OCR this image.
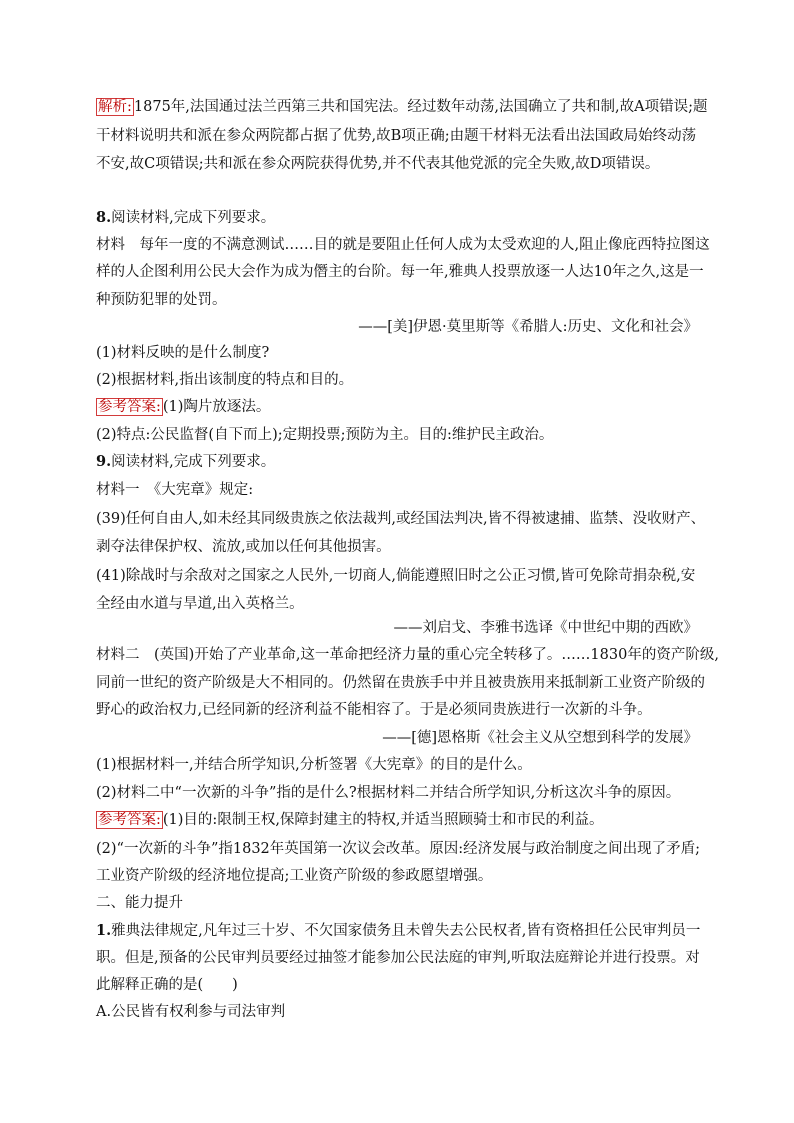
解析: 1875年,法国通过法兰西第三共和国宪法。经过数年动荡,法国确立了共和制,故A项错误;题
干材料说明共和派在参众两院都占据了优势,故B项正确;由题干材料无法看出法国政局始终动荡
不安,故C项错误;共和派在参众两院获得优势,并不代表其他党派的完全失败,故D项错误。
8.阅读材料,完成下列要求。
材料　每年一度的不满意测试……目的就是要阻止任何人成为太受欢迎的人,阻止像庇西特拉图这
样的人企图利用公民大会作为成为僭主的台阶。每一年,雅典人投票放逐一人达10年之久,这是一
种预防犯罪的处罚。
——[美]伊恩·莫里斯等《希腊人:历史、文化和社会》
(1)材料反映的是什么制度?
(2)根据材料,指出该制度的特点和目的。
参考答案: (1)陶片放逐法。
(2)特点:公民监督(自下而上);定期投票;预防为主。目的:维护民主政治。
9.阅读材料,完成下列要求。
材料一　《大宪章》规定:
(39)任何自由人,如未经其同级贵族之依法裁判,或经国法判决,皆不得被逮捕、监禁、没收财产、
剥夺法律保护权、流放,或加以任何其他损害。
(41)除战时与余敌对之国家之人民外,一切商人,倘能遵照旧时之公正习惯,皆可免除苛捐杂税,安
全经由水道与旱道,出入英格兰。
——刘启戈、李雅书选译《中世纪中期的西欧》
材料二　(英国)开始了产业革命,这一革命把经济力量的重心完全转移了。……1830年的资产阶级,
同前一世纪的资产阶级是大不相同的。仍然留在贵族手中并且被贵族用来抵制新工业资产阶级的
野心的政治权力,已经同新的经济利益不能相容了。于是必须同贵族进行一次新的斗争。
——[德]恩格斯《社会主义从空想到科学的发展》
(1)根据材料一,并结合所学知识,分析签署《大宪章》的目的是什么。
(2)材料二中“一次新的斗争”指的是什么?根据材料二并结合所学知识,分析这次斗争的原因。
参考答案: (1)目的:限制王权,保障封建主的特权,并适当照顾骑士和市民的利益。
(2)“一次新的斗争”指1832年英国第一次议会改革。原因:经济发展与政治制度之间出现了矛盾;
工业资产阶级的经济地位提高;工业资产阶级的参政愿望增强。
二、能力提升
1.雅典法律规定,凡年过三十岁、不欠国家债务且未曾失去公民权者,皆有资格担任公民审判员一
职。但是,预备的公民审判员要经过抽签才能参加公民法庭的审判,听取法庭辩论并进行投票。对
此解释正确的是(　　)
A.公民皆有权利参与司法审判
